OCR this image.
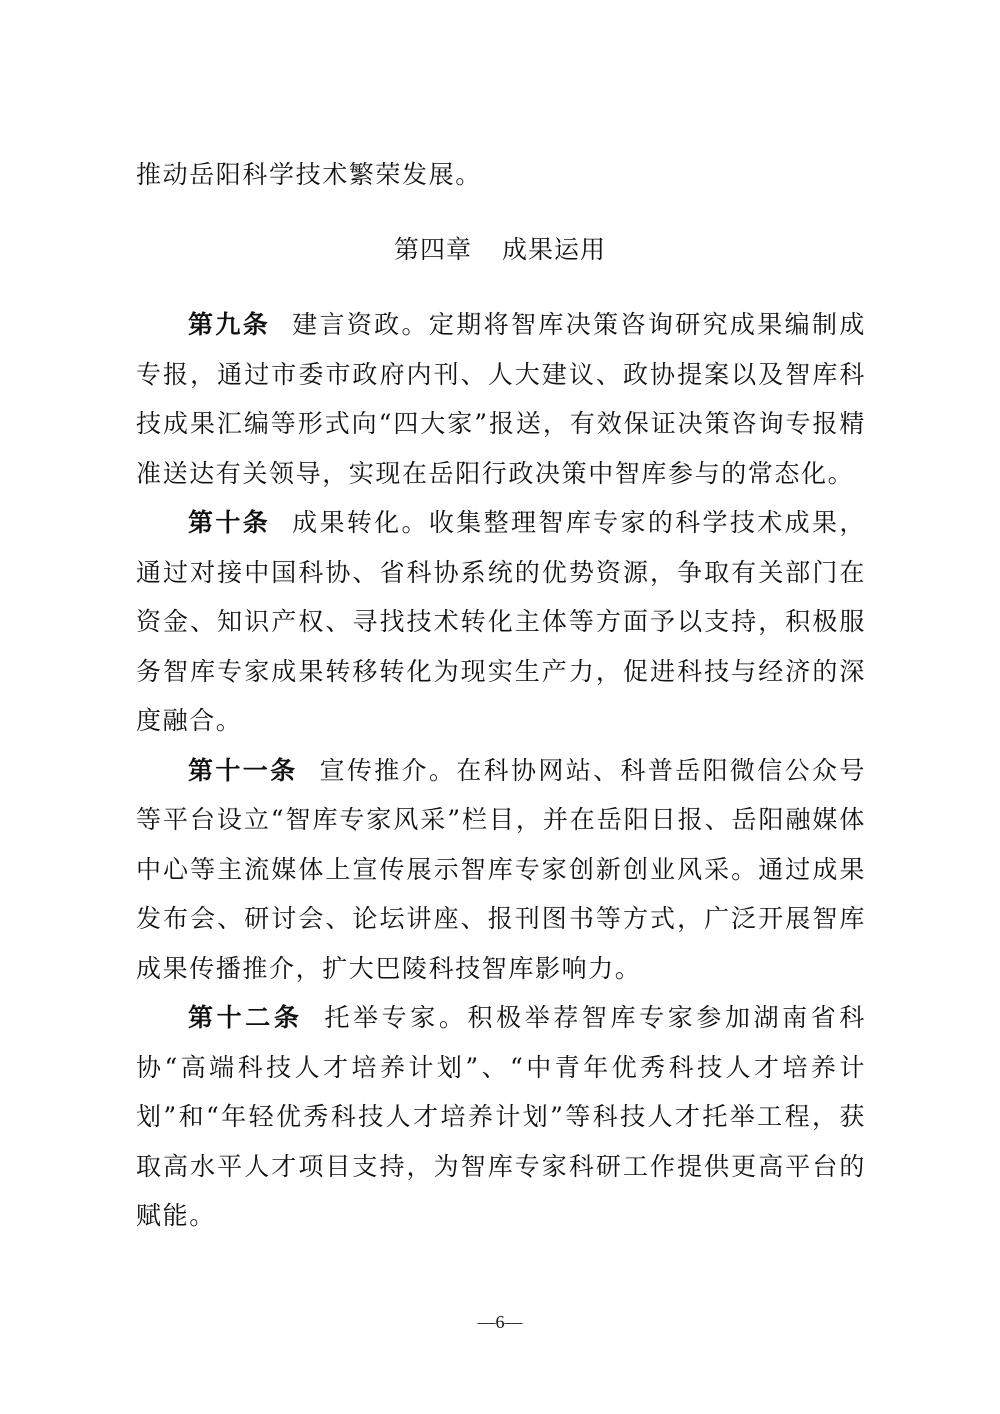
推动岳阳科学技术繁荣发展。
第四章 成果运用

第九条 建言资政。定期将智库决策咨询研究成果编制成专报，通过市委市政府内刊、人大建议、政协提案以及智库科技成果汇编等形式向“四大家”报送，有效保证决策咨询专报精准送达有关领导，实现在岳阳行政决策中智库参与的常态化。

第十条 成果转化。收集整理智库专家的科学技术成果，通过对接中国科协、省科协系统的优势资源，争取有关部门在资金、知识产权、寻找技术转化主体等方面予以支持，积极服务智库专家成果转移转化为现实生产力，促进科技与经济的深度融合。

第十一条 宣传推介。在科协网站、科普岳阳微信公众号等平台设立“智库专家风采”栏目，并在岳阳日报、岳阳融媒体中心等主流媒体上宣传展示智库专家创新创业风采。通过成果发布会、研讨会、论坛讲座、报刊图书等方式，广泛开展智库成果传播推介，扩大巴陵科技智库影响力。

第十二条 托举专家。积极举荐智库专家参加湖南省科协“高端科技人才培养计划”、“中青年优秀科技人才培养计划”和“年轻优秀科技人才培养计划”等科技人才托举工程，获取高水平人才项目支持，为智库专家科研工作提供更高平台的赋能。

—6—
